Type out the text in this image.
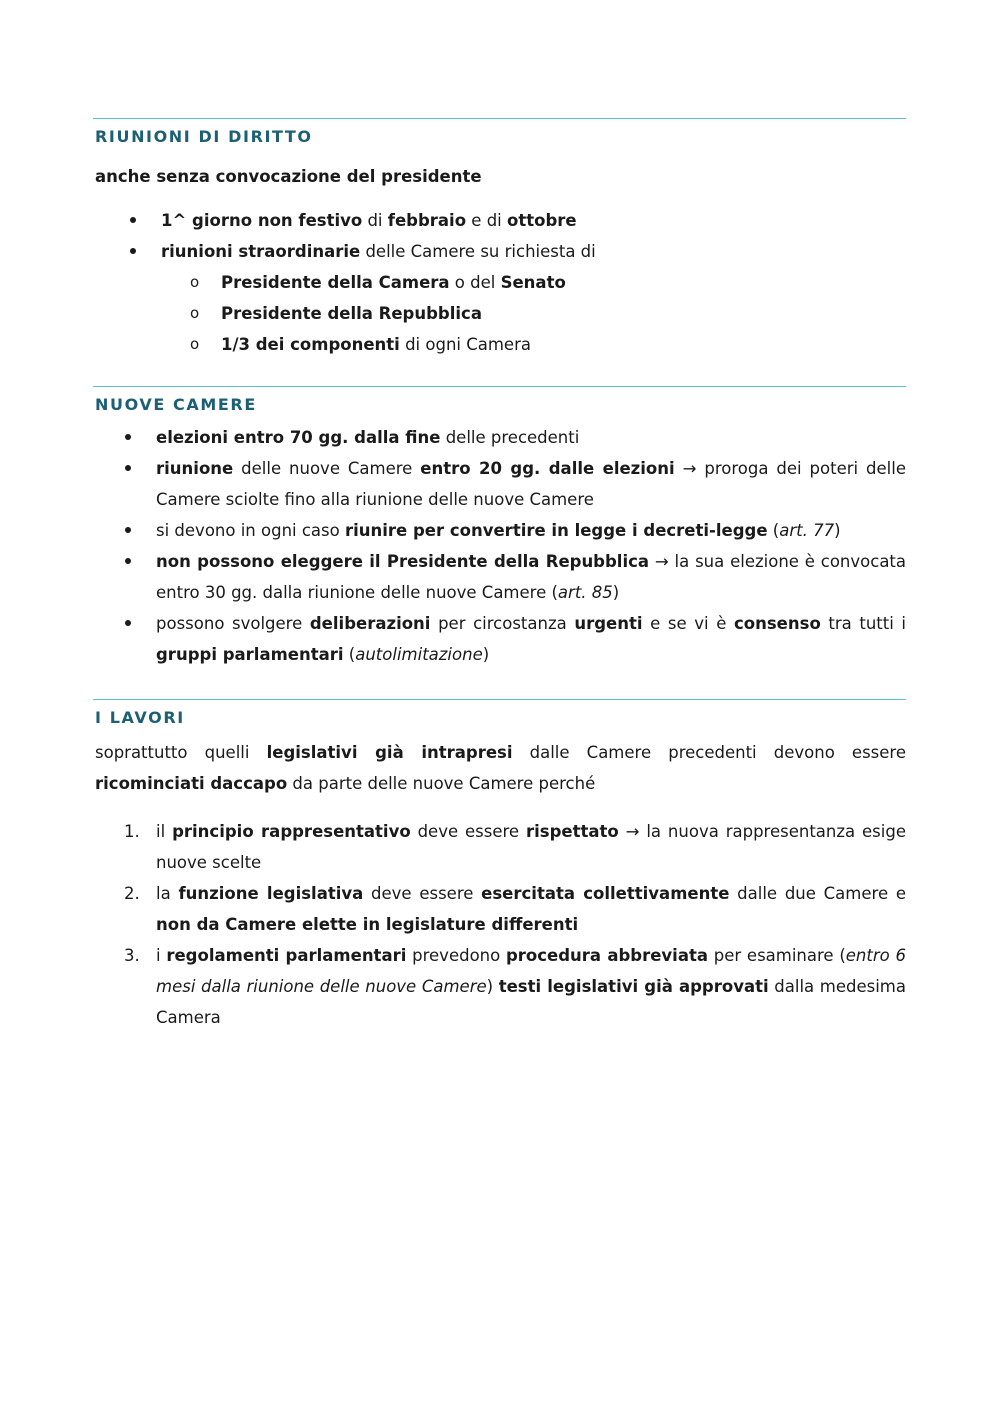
RIUNIONI DI DIRITTO
anche senza convocazione del presidente
1^ giorno non festivo di febbraio e di ottobre
riunioni straordinarie delle Camere su richiesta di
o Presidente della Camera o del Senato
o Presidente della Repubblica
o 1/3 dei componenti di ogni Camera
NUOVE CAMERE
elezioni entro 70 gg. dalla fine delle precedenti
riunione delle nuove Camere entro 20 gg. dalle elezioni → proroga dei poteri delle Camere sciolte fino alla riunione delle nuove Camere
si devono in ogni caso riunire per convertire in legge i decreti-legge (art. 77)
non possono eleggere il Presidente della Repubblica → la sua elezione è convocata entro 30 gg. dalla riunione delle nuove Camere (art. 85)
possono svolgere deliberazioni per circostanza urgenti e se vi è consenso tra tutti i gruppi parlamentari (autolimitazione)
I LAVORI

soprattutto quelli legislativi già intrapresi dalle Camere precedenti devono essere ricominciati daccapo da parte delle nuove Camere perché

1. il principio rappresentativo deve essere rispettato → la nuova rappresentanza esige nuove scelte
2. la funzione legislativa deve essere esercitata collettivamente dalle due Camere e non da Camere elette in legislature differenti
3. i regolamenti parlamentari prevedono procedura abbreviata per esaminare (entro 6 mesi dalla riunione delle nuove Camere) testi legislativi già approvati dalla medesima Camera
